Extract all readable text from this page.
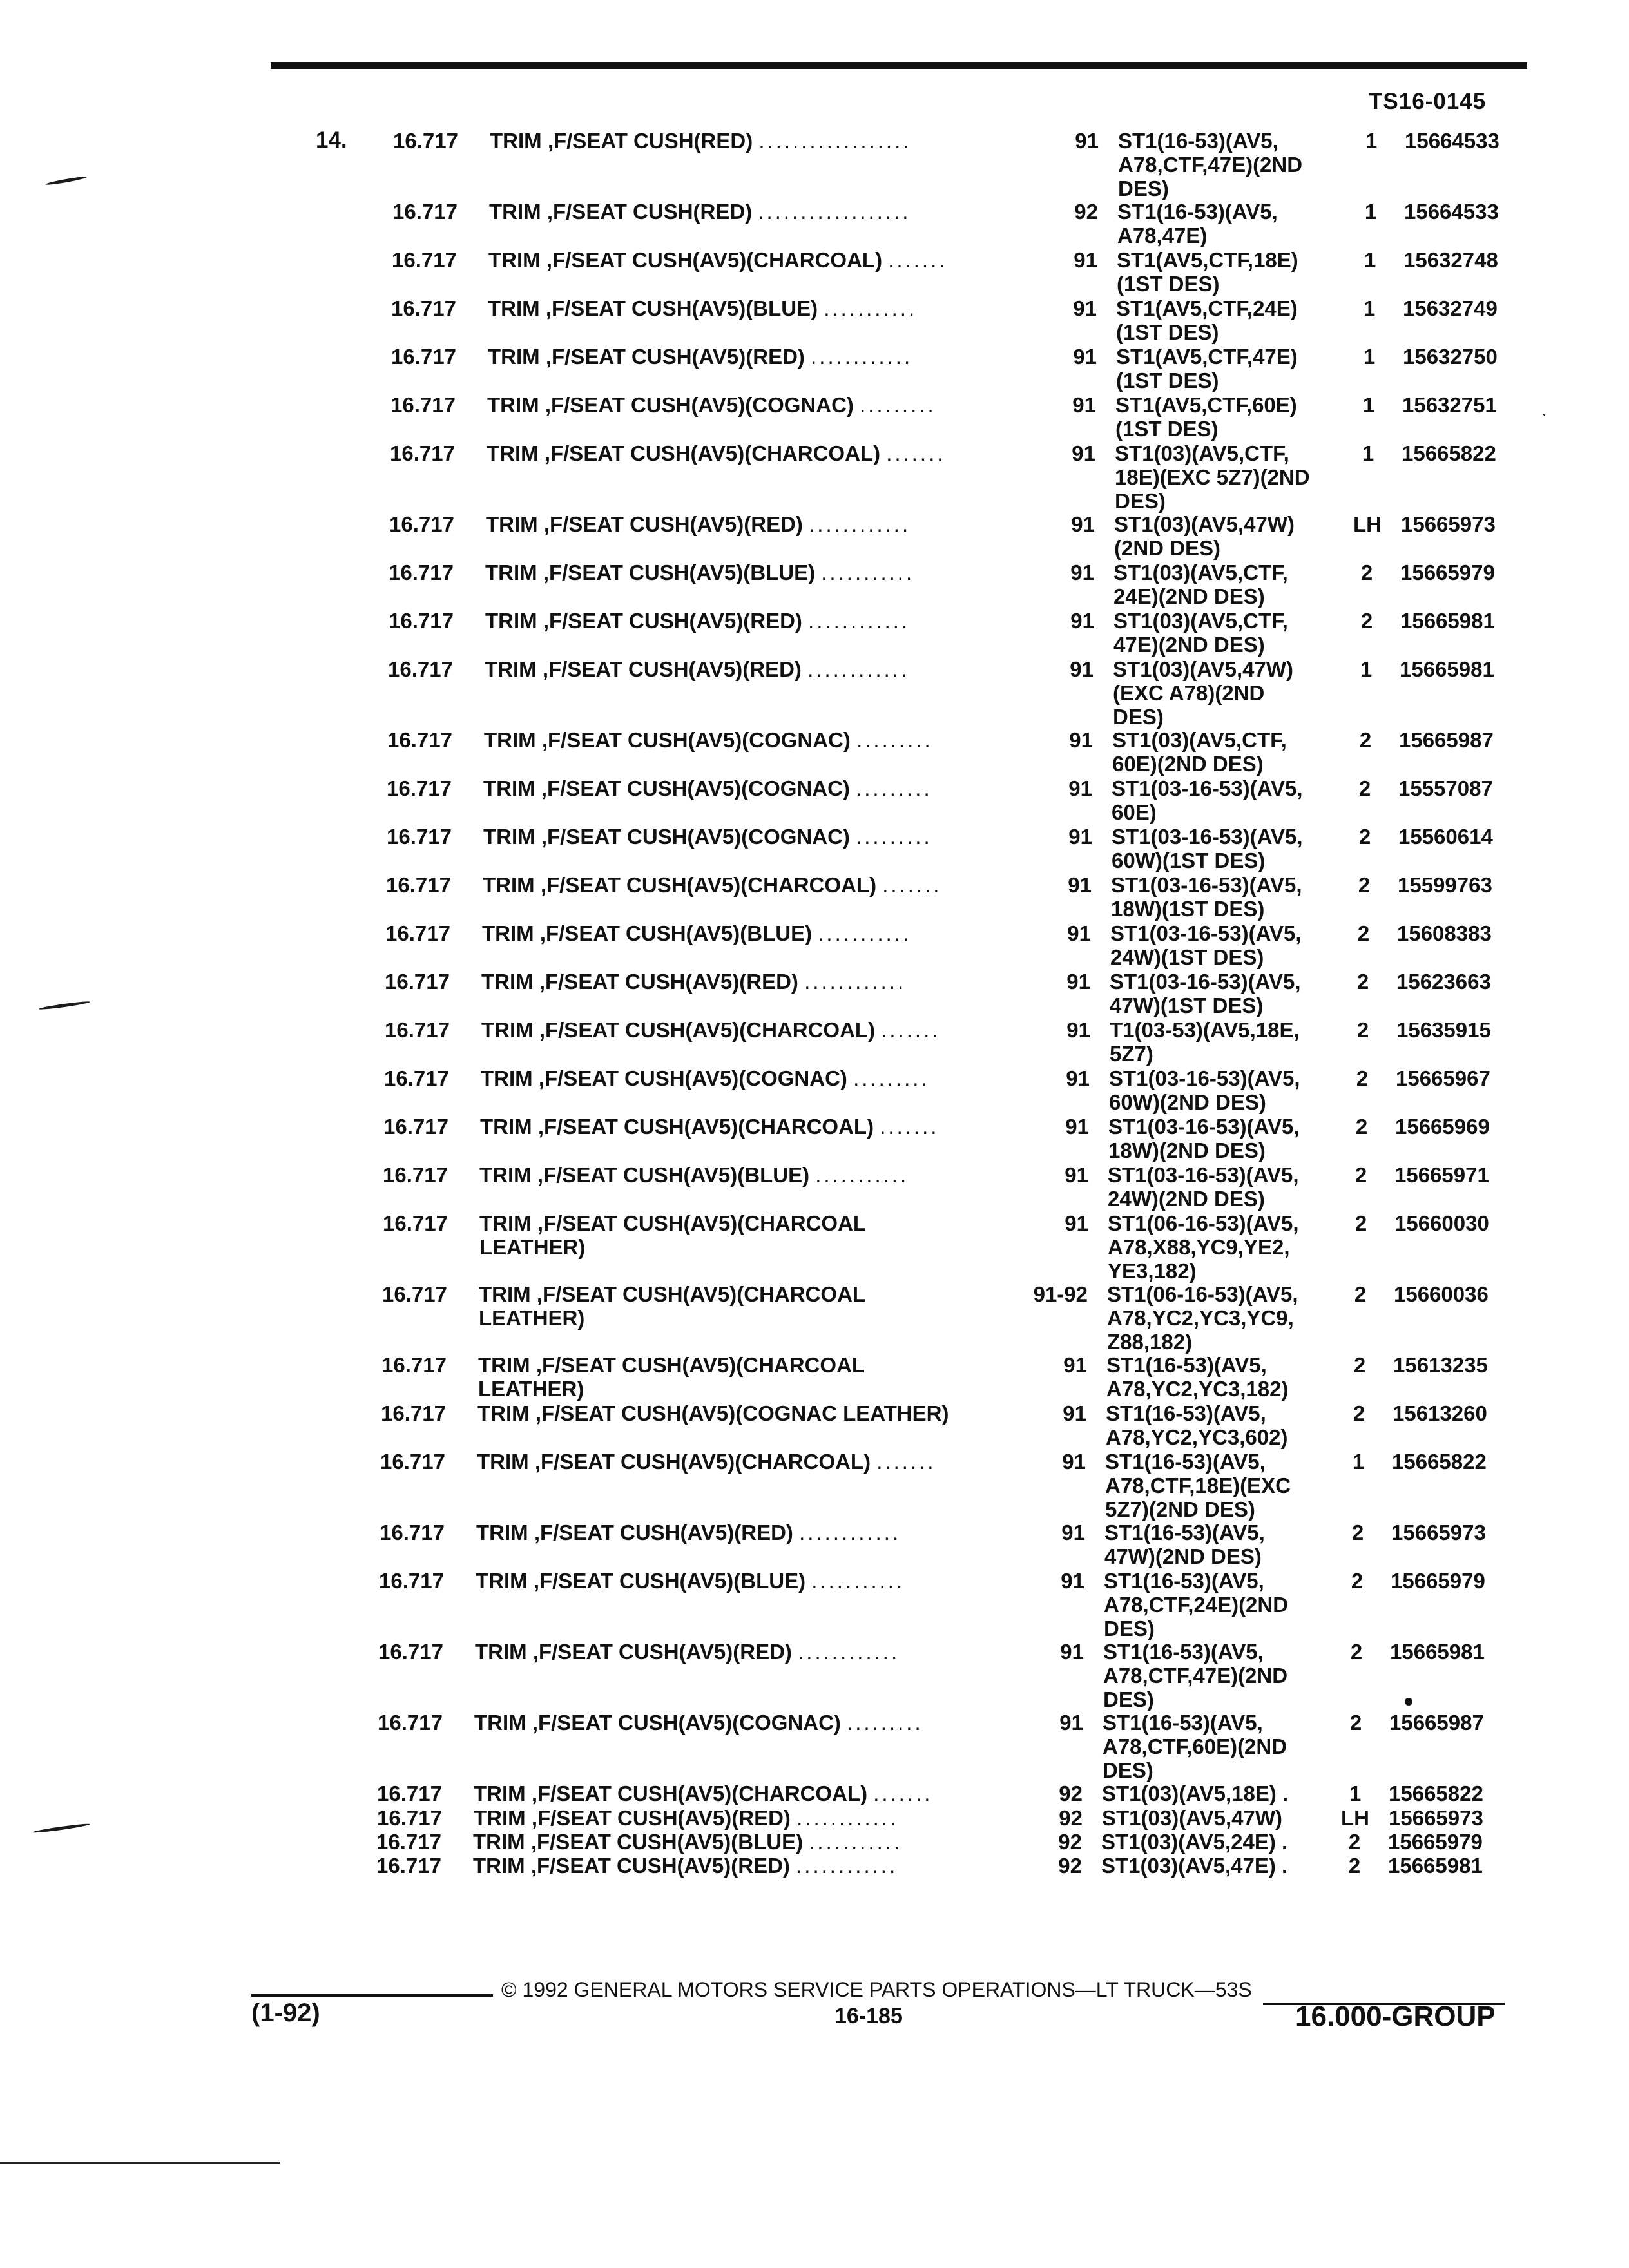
TS16-0145
14.
⸼
16.717	TRIM ,F/SEAT CUSH(RED) ..................	91 ST1(16-53)(AV5,
A78,CTF,47E)(2ND
DES)
1	15664533
16.717	TRIM ,F/SEAT CUSH(RED) ..................	92 ST1(16-53)(AV5,
A78,47E)
1	15664533
16.717	TRIM ,F/SEAT CUSH(AV5)(CHARCOAL) .......	91 ST1(AV5,CTF,18E)
(1ST DES)
1	15632748
16.717	TRIM ,F/SEAT CUSH(AV5)(BLUE) ...........	91 ST1(AV5,CTF,24E)
(1ST DES)
1	15632749
16.717	TRIM ,F/SEAT CUSH(AV5)(RED) ............	91 ST1(AV5,CTF,47E)
(1ST DES)
1	15632750
16.717	TRIM ,F/SEAT CUSH(AV5)(COGNAC) .........	91 ST1(AV5,CTF,60E)
(1ST DES)
1	15632751
16.717	TRIM ,F/SEAT CUSH(AV5)(CHARCOAL) .......	91 ST1(03)(AV5,CTF,
18E)(EXC 5Z7)(2ND
DES)
1	15665822
16.717	TRIM ,F/SEAT CUSH(AV5)(RED) ............	91 ST1(03)(AV5,47W)
(2ND DES)
LH 15665973
16.717	TRIM ,F/SEAT CUSH(AV5)(BLUE) ...........	91 ST1(03)(AV5,CTF,
24E)(2ND DES)
2	15665979
16.717	TRIM ,F/SEAT CUSH(AV5)(RED) ............	91 ST1(03)(AV5,CTF,
47E)(2ND DES)
2	15665981
16.717	TRIM ,F/SEAT CUSH(AV5)(RED) ............	91 ST1(03)(AV5,47W)
(EXC A78)(2ND
DES)
1	15665981
16.717	TRIM ,F/SEAT CUSH(AV5)(COGNAC) .........	91 ST1(03)(AV5,CTF,
60E)(2ND DES)
2	15665987
16.717	TRIM ,F/SEAT CUSH(AV5)(COGNAC) .........	91 ST1(03-16-53)(AV5,
60E)
2	15557087
16.717	TRIM ,F/SEAT CUSH(AV5)(COGNAC) .........	91 ST1(03-16-53)(AV5,
60W)(1ST DES)
2	15560614
16.717	TRIM ,F/SEAT CUSH(AV5)(CHARCOAL) .......	91 ST1(03-16-53)(AV5,
18W)(1ST DES)
2	15599763
16.717	TRIM ,F/SEAT CUSH(AV5)(BLUE) ...........	91 ST1(03-16-53)(AV5,
24W)(1ST DES)
2	15608383
16.717	TRIM ,F/SEAT CUSH(AV5)(RED) ............	91 ST1(03-16-53)(AV5,
47W)(1ST DES)
2	15623663
16.717	TRIM ,F/SEAT CUSH(AV5)(CHARCOAL) .......	91 T1(03-53)(AV5,18E,
5Z7)
2	15635915
16.717	TRIM ,F/SEAT CUSH(AV5)(COGNAC) .........	91 ST1(03-16-53)(AV5,
60W)(2ND DES)
2	15665967
16.717	TRIM ,F/SEAT CUSH(AV5)(CHARCOAL) .......	91 ST1(03-16-53)(AV5,
18W)(2ND DES)
2	15665969
16.717	TRIM ,F/SEAT CUSH(AV5)(BLUE) ...........	91 ST1(03-16-53)(AV5,
24W)(2ND DES)
2	15665971
16.717	TRIM ,F/SEAT CUSH(AV5)(CHARCOAL
LEATHER)
91 ST1(06-16-53)(AV5,
A78,X88,YC9,YE2,
YE3,182)
2	15660030
16.717	TRIM ,F/SEAT CUSH(AV5)(CHARCOAL
LEATHER)
91-92 ST1(06-16-53)(AV5,
A78,YC2,YC3,YC9,
Z88,182)
2	15660036
16.717	TRIM ,F/SEAT CUSH(AV5)(CHARCOAL
LEATHER)
91 ST1(16-53)(AV5,
A78,YC2,YC3,182)
2	15613235
16.717	TRIM ,F/SEAT CUSH(AV5)(COGNAC LEATHER)	91 ST1(16-53)(AV5,
A78,YC2,YC3,602)
2	15613260
16.717	TRIM ,F/SEAT CUSH(AV5)(CHARCOAL) .......	91 ST1(16-53)(AV5,
A78,CTF,18E)(EXC
5Z7)(2ND DES)
1	15665822
16.717	TRIM ,F/SEAT CUSH(AV5)(RED) ............	91 ST1(16-53)(AV5,
47W)(2ND DES)
2	15665973
16.717	TRIM ,F/SEAT CUSH(AV5)(BLUE) ...........	91 ST1(16-53)(AV5,
A78,CTF,24E)(2ND
DES)
2	15665979
16.717	TRIM ,F/SEAT CUSH(AV5)(RED) ............	91 ST1(16-53)(AV5,
A78,CTF,47E)(2ND
DES)
2	15665981
16.717	TRIM ,F/SEAT CUSH(AV5)(COGNAC) .........	91 ST1(16-53)(AV5,
A78,CTF,60E)(2ND
DES)
2	15665987
16.717	TRIM ,F/SEAT CUSH(AV5)(CHARCOAL) .......	92 ST1(03)(AV5,18E) .	1	15665822
16.717	TRIM ,F/SEAT CUSH(AV5)(RED) ............	92 ST1(03)(AV5,47W)	LH 15665973
16.717	TRIM ,F/SEAT CUSH(AV5)(BLUE) ...........	92 ST1(03)(AV5,24E) .	2	15665979
16.717	TRIM ,F/SEAT CUSH(AV5)(RED) ............	92 ST1(03)(AV5,47E) .	2	15665981
(1-92)
© 1992 GENERAL MOTORS SERVICE PARTS OPERATIONS—LT TRUCK—53S
16-185	16.000-GROUP
